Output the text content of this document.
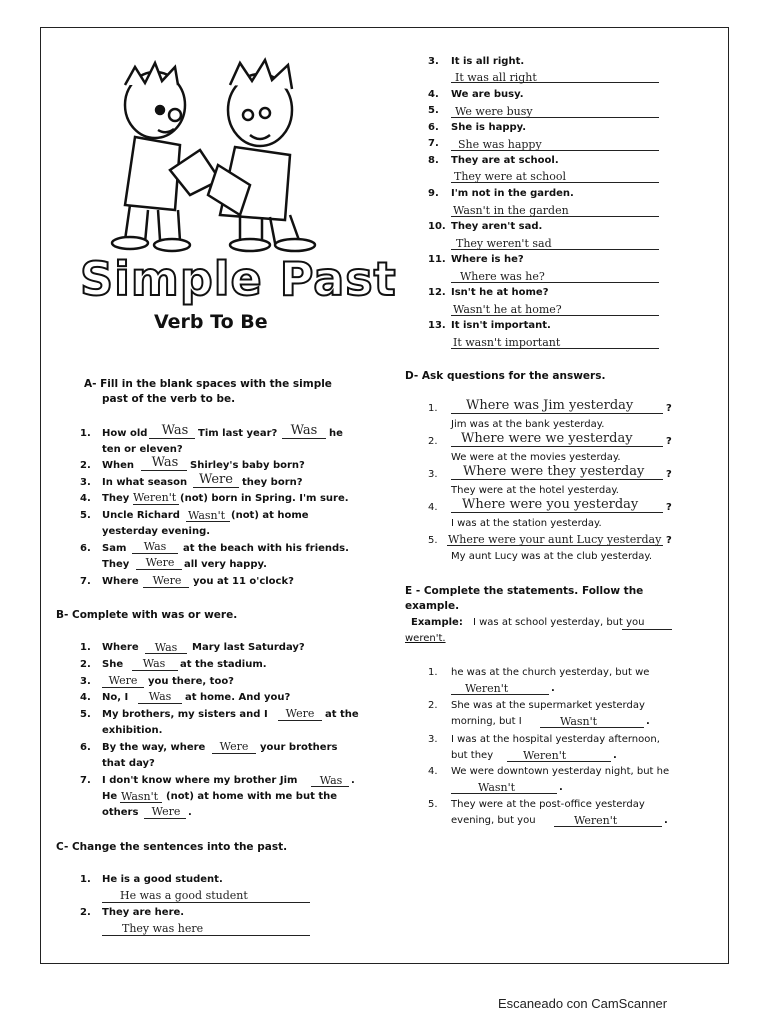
Simple Past
Verb To Be
A- Fill in the blank spaces with the simple
past of the verb to be.
1. How old	Was Tim last year?	Was	he
ten or eleven?
2. When	Was	Shirley's baby born?
3. In what season Were they born?
4. They Weren't (not) born in Spring. I'm sure.
5. Uncle Richard Wasn't (not) at home
yesterday evening.
6. Sam	Was	at the beach with his friends.
They	Were all very happy.
7. Where	Were	you at 11 o'clock?
B- Complete with was or were.
1. Where	Was	Mary last Saturday?
2. She	Was	at the stadium.
3.	Were	you there, too?
4. No, I	Was	at home. And you?
5. My brothers, my sisters and I	Were	at the
exhibition.
6. By the way, where	Were	your brothers
that day?
7. I don't know where my brother Jim	Was .
He Wasn't (not) at home with me but the
others	Were .
C- Change the sentences into the past.
1. He is a good student.
He was a good student
2. They are here.
They was here
3. It is all right.
It was all right
4. We are busy.
5. We were busy
6. She is happy.
7. She was happy
8. They are at school.
They were at school
9. I'm not in the garden.
Wasn't in the garden
10. They aren't sad.
They weren't sad
11. Where is he?
Where was he?
12. Isn't he at home?
Wasn't he at home?
13. It isn't important.
It wasn't important
D- Ask questions for the answers.
1. Where was Jim yesterday	?
Jim was at the bank yesterday.
2. Where were we yesterday	?
We were at the movies yesterday.
3. Where were they yesterday ?
They were at the hotel yesterday.
4. Where were you yesterday	?
I was at the station yesterday.
5. Where were your aunt Lucy yesterday ?
My aunt Lucy was at the club yesterday.
E - Complete the statements. Follow the
example.
Example: I was at school yesterday, but you
weren't.
1. he was at the church yesterday, but we
Weren't	.
2. She was at the supermarket yesterday
morning, but I	Wasn't	.
3. I was at the hospital yesterday afternoon,
but they	Weren't	.
4. We were downtown yesterday night, but he
Wasn't	.
5. They were at the post-office yesterday
evening, but you	Weren't	.
Escaneado con CamScanner
